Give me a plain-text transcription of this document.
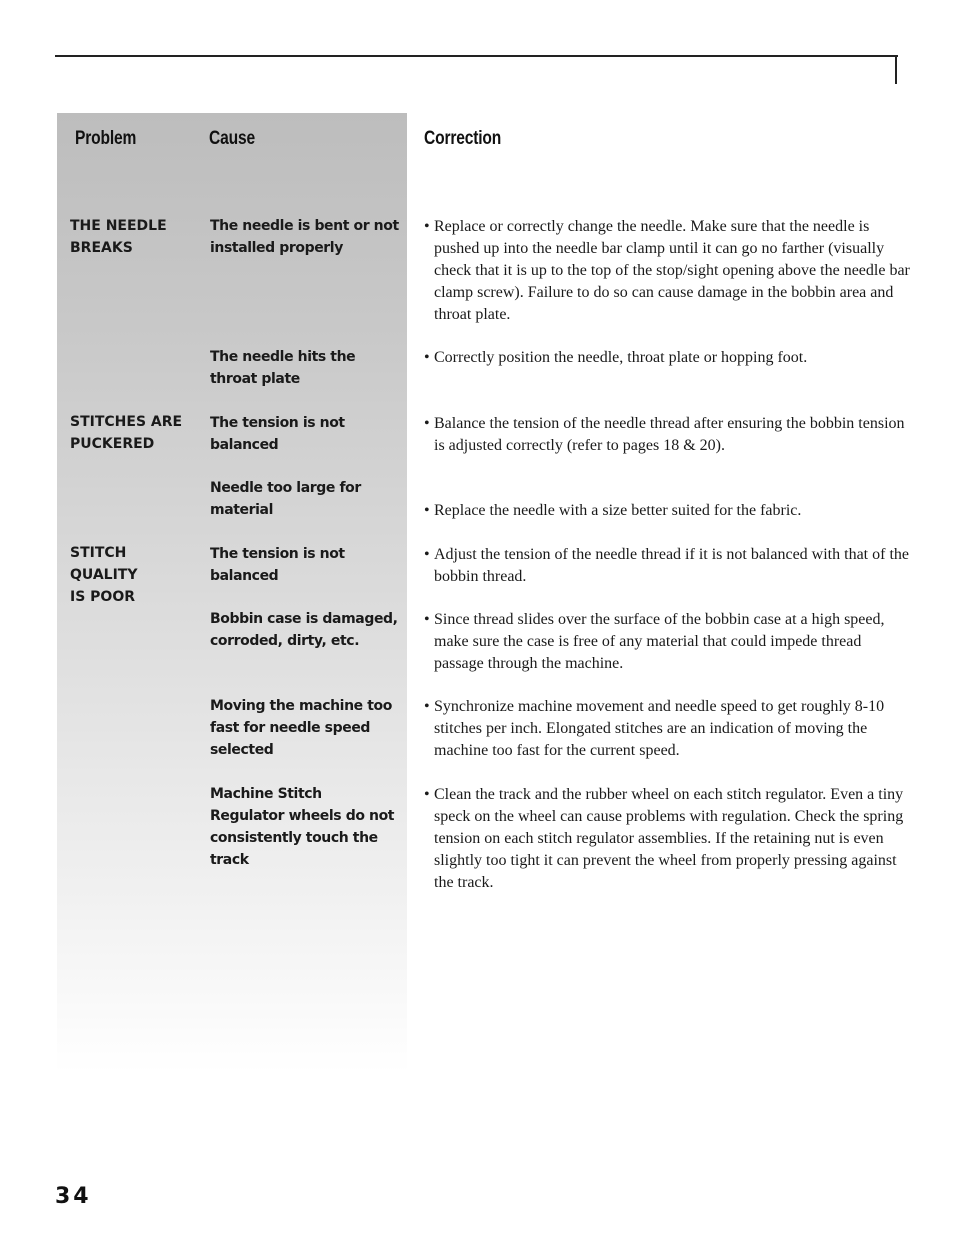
Problem	Cause	Correction
THE NEEDLE
BREAKS
The needle is bent or not installed properly
• Replace or correctly change the needle. Make sure that the needle is pushed up into the needle bar clamp until it can go no farther (visually check that it is up to the top of the stop/sight opening above the needle bar clamp screw). Failure to do so can cause damage in the bobbin area and throat plate.
The needle hits the throat plate
• Correctly position the needle, throat plate or hopping foot.
STITCHES ARE
PUCKERED
The tension is not balanced
• Balance the tension of the needle thread after ensuring the bobbin tension is adjusted correctly (refer to pages 18 & 20).
Needle too large for material
•	Replace the needle with a size better suited for the fabric.
STITCH
QUALITY
IS POOR
The tension is not balanced
• Adjust the tension of the needle thread if it is not balanced with that of the bobbin thread.
Bobbin case is damaged, corroded, dirty, etc.
• Since thread slides over the surface of the bobbin case at a high speed, make sure the case is free of any material that could impede thread passage through the machine.
Moving the machine too fast for needle speed selected
• Synchronize machine movement and needle speed to get roughly 8-10 stitches per inch. Elongated stitches are an indication of moving the machine too fast for the current speed.
Machine Stitch Regulator wheels do not consistently touch the track
• Clean the track and the rubber wheel on each stitch regulator. Even a tiny speck on the wheel can cause problems with regulation. Check the spring tension on each stitch regulator assemblies. If the retaining nut is even slightly too tight it can prevent the wheel from properly pressing against the track.
34
